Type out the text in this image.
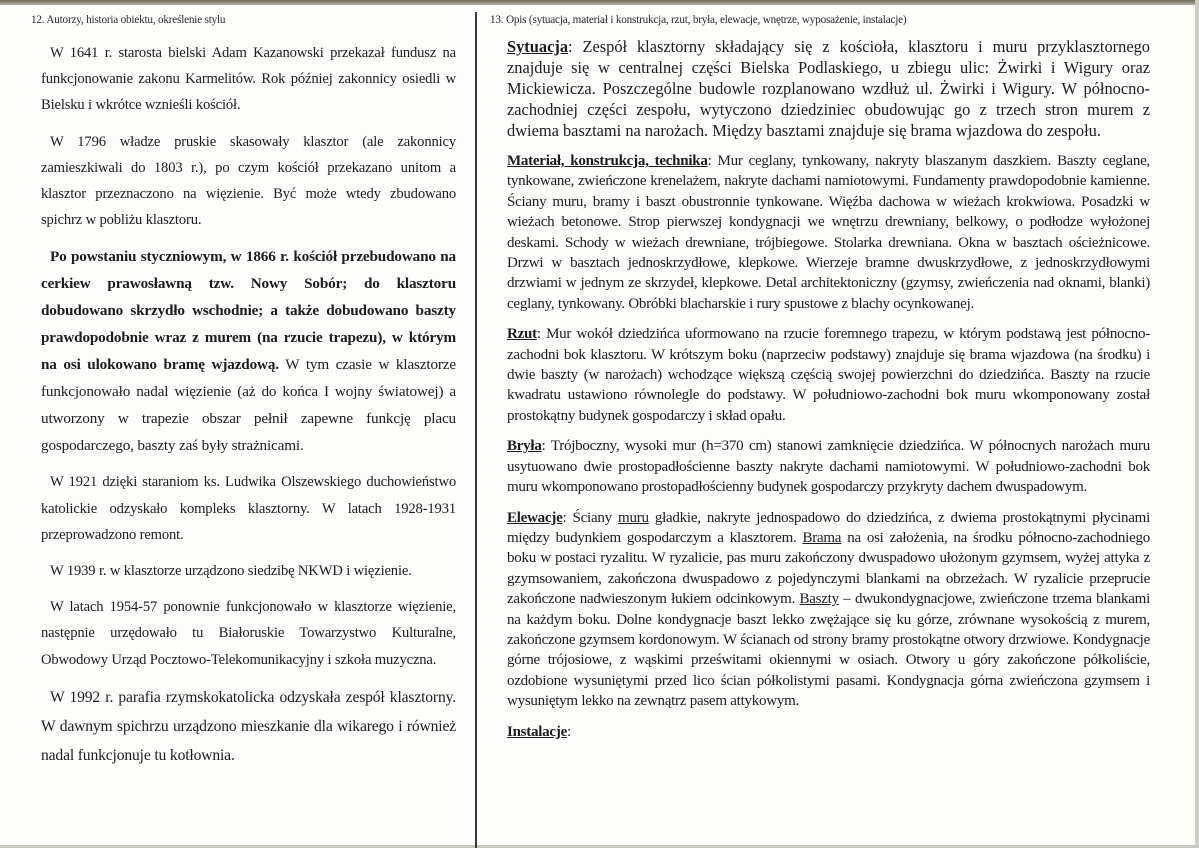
12. Autorzy, historia obiektu, określenie stylu

W 1641 r. starosta bielski Adam Kazanowski przekazał fundusz na funkcjonowanie zakonu Karmelitów. Rok później zakonnicy osiedli w Bielsku i wkrótce wznieśli kościół.

W 1796 władze pruskie skasowały klasztor (ale zakonnicy zamieszkiwali do 1803 r.), po czym kościół przekazano unitom a klasztor przeznaczono na więzienie. Być może wtedy zbudowano spichrz w pobliżu klasztoru.

Po powstaniu styczniowym, w 1866 r. kościół przebudowano na cerkiew prawosławną tzw. Nowy Sobór; do klasztoru dobudowano skrzydło wschodnie; a także dobudowano baszty prawdopodobnie wraz z murem (na rzucie trapezu), w którym na osi ulokowano bramę wjazdową. W tym czasie w klasztorze funkcjonowało nadal więzienie (aż do końca I wojny światowej) a utworzony w trapezie obszar pełnił zapewne funkcję placu gospodarczego, baszty zaś były strażnicami.

W 1921 dzięki staraniom ks. Ludwika Olszewskiego duchowieństwo katolickie odzyskało kompleks klasztorny. W latach 1928-1931 przeprowadzono remont.

W 1939 r. w klasztorze urządzono siedzibę NKWD i więzienie.

W latach 1954-57 ponownie funkcjonowało w klasztorze więzienie, następnie urzędowało tu Białoruskie Towarzystwo Kulturalne, Obwodowy Urząd Pocztowo-Telekomunikacyjny i szkoła muzyczna.

W 1992 r. parafia rzymskokatolicka odzyskała zespół klasztorny. W dawnym spichrzu urządzono mieszkanie dla wikarego i również nadal funkcjonuje tu kotłownia.

13. Opis (sytuacja, materiał i konstrukcja, rzut, bryła, elewacje, wnętrze, wyposażenie, instalacje)

Sytuacja: Zespół klasztorny składający się z kościoła, klasztoru i muru przyklasztornego znajduje się w centralnej części Bielska Podlaskiego, u zbiegu ulic: Żwirki i Wigury oraz Mickiewicza. Poszczególne budowle rozplanowano wzdłuż ul. Żwirki i Wigury. W północno-zachodniej części zespołu, wytyczono dziedziniec obudowując go z trzech stron murem z dwiema basztami na narożach. Między basztami znajduje się brama wjazdowa do zespołu.

Materiał, konstrukcja, technika: Mur ceglany, tynkowany, nakryty blaszanym daszkiem. Baszty ceglane, tynkowane, zwieńczone krenelażem, nakryte dachami namiotowymi. Fundamenty prawdopodobnie kamienne. Ściany muru, bramy i baszt obustronnie tynkowane. Więźba dachowa w wieżach krokwiowa. Posadzki w wieżach betonowe. Strop pierwszej kondygnacji we wnętrzu drewniany, belkowy, o podłodze wyłożonej deskami. Schody w wieżach drewniane, trójbiegowe. Stolarka drewniana. Okna w basztach ościeżnicowe. Drzwi w basztach jednoskrzydłowe, klepkowe. Wierzeje bramne dwuskrzydłowe, z jednoskrzydłowymi drzwiami w jednym ze skrzydeł, klepkowe. Detal architektoniczny (gzymsy, zwieńczenia nad oknami, blanki) ceglany, tynkowany. Obróbki blacharskie i rury spustowe z blachy ocynkowanej.

Rzut: Mur wokół dziedzińca uformowano na rzucie foremnego trapezu, w którym podstawą jest północno-zachodni bok klasztoru. W krótszym boku (naprzeciw podstawy) znajduje się brama wjazdowa (na środku) i dwie baszty (w narożach) wchodzące większą częścią swojej powierzchni do dziedzińca. Baszty na rzucie kwadratu ustawiono równolegle do podstawy. W południowo-zachodni bok muru wkomponowany został prostokątny budynek gospodarczy i skład opału.

Bryła: Trójboczny, wysoki mur (h=370 cm) stanowi zamknięcie dziedzińca. W północnych narożach muru usytuowano dwie prostopadłościenne baszty nakryte dachami namiotowymi. W południowo-zachodni bok muru wkomponowano prostopadłościenny budynek gospodarczy przykryty dachem dwuspadowym.

Elewacje: Ściany muru gładkie, nakryte jednospadowo do dziedzińca, z dwiema prostokątnymi płycinami między budynkiem gospodarczym a klasztorem. Brama na osi założenia, na środku północno-zachodniego boku w postaci ryzalitu. W ryzalicie, pas muru zakończony dwuspadowo ułożonym gzymsem, wyżej attyka z gzymsowaniem, zakończona dwuspadowo z pojedynczymi blankami na obrzeżach. W ryzalicie przeprucie zakończone nadwieszonym łukiem odcinkowym. Baszty – dwukondygnacjowe, zwieńczone trzema blankami na każdym boku. Dolne kondygnacje baszt lekko zwężające się ku górze, zrównane wysokością z murem, zakończone gzymsem kordonowym. W ścianach od strony bramy prostokątne otwory drzwiowe. Kondygnacje górne trójosiowe, z wąskimi prześwitami okiennymi w osiach. Otwory u góry zakończone półkoliście, ozdobione wysuniętymi przed lico ścian półkolistymi pasami. Kondygnacja górna zwieńczona gzymsem i wysuniętym lekko na zewnątrz pasem attykowym.

Instalacje:
